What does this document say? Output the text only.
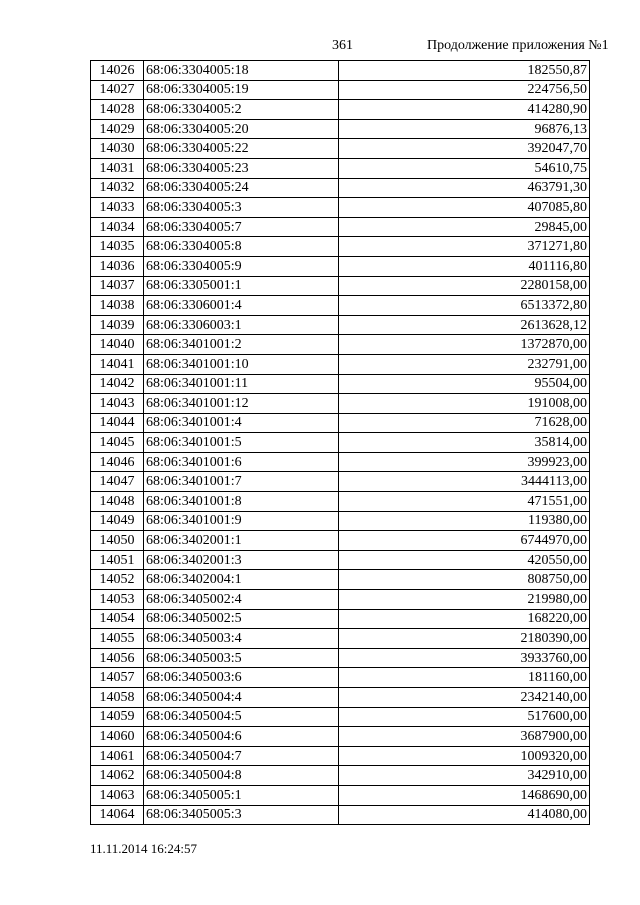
361	Продолжение приложения №1
14026	68:06:3304005:18	182550,87
14027	68:06:3304005:19	224756,50
14028	68:06:3304005:2	414280,90
14029	68:06:3304005:20	96876,13
14030	68:06:3304005:22	392047,70
14031	68:06:3304005:23	54610,75
14032	68:06:3304005:24	463791,30
14033	68:06:3304005:3	407085,80
14034	68:06:3304005:7	29845,00
14035	68:06:3304005:8	371271,80
14036	68:06:3304005:9	401116,80
14037	68:06:3305001:1	2280158,00
14038	68:06:3306001:4	6513372,80
14039	68:06:3306003:1	2613628,12
14040	68:06:3401001:2	1372870,00
14041	68:06:3401001:10	232791,00
14042	68:06:3401001:11	95504,00
14043	68:06:3401001:12	191008,00
14044	68:06:3401001:4	71628,00
14045	68:06:3401001:5	35814,00
14046	68:06:3401001:6	399923,00
14047	68:06:3401001:7	3444113,00
14048	68:06:3401001:8	471551,00
14049	68:06:3401001:9	119380,00
14050	68:06:3402001:1	6744970,00
14051	68:06:3402001:3	420550,00
14052	68:06:3402004:1	808750,00
14053	68:06:3405002:4	219980,00
14054	68:06:3405002:5	168220,00
14055	68:06:3405003:4	2180390,00
14056	68:06:3405003:5	3933760,00
14057	68:06:3405003:6	181160,00
14058	68:06:3405004:4	2342140,00
14059	68:06:3405004:5	517600,00
14060	68:06:3405004:6	3687900,00
14061	68:06:3405004:7	1009320,00
14062	68:06:3405004:8	342910,00
14063	68:06:3405005:1	1468690,00
14064	68:06:3405005:3	414080,00
11.11.2014 16:24:57
